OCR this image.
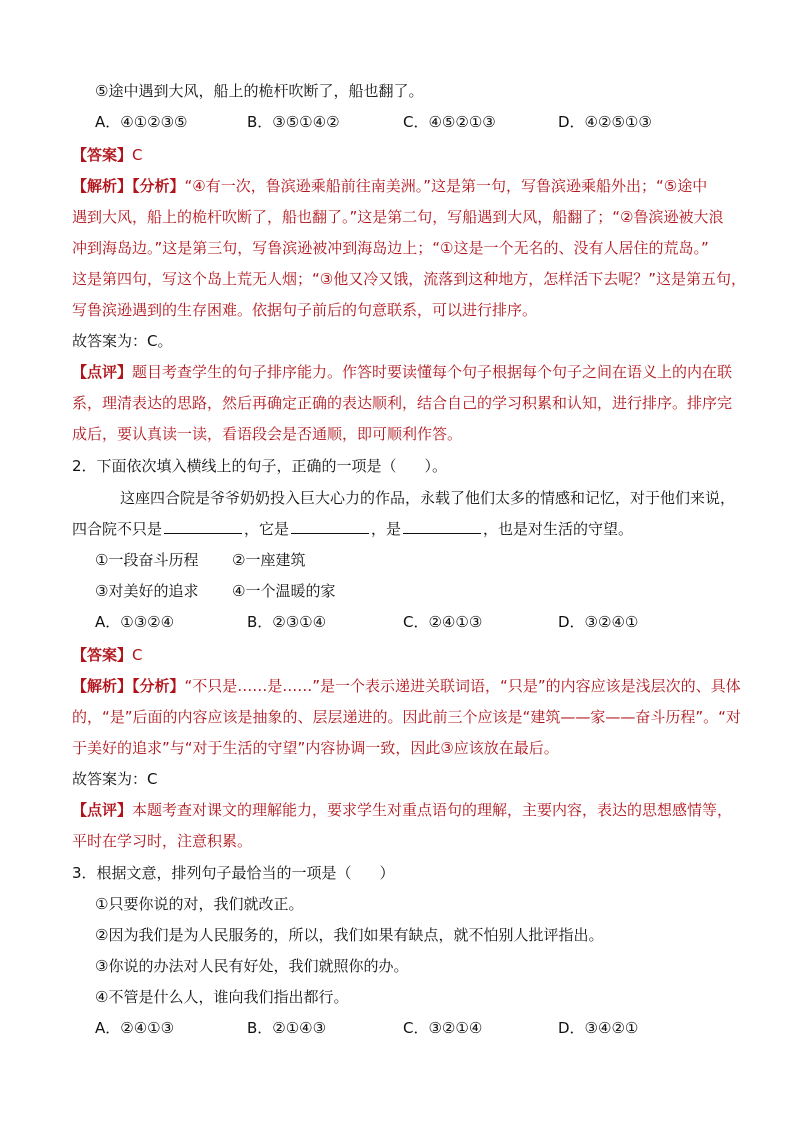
⑤途中遇到大风，船上的桅杆吹断了，船也翻了。
A．④①②③⑤	B．③⑤①④②	C．④⑤②①③	D．④②⑤①③
【答案】C
【解析】【分析】“④有一次，鲁滨逊乘船前往南美洲。”这是第一句，写鲁滨逊乘船外出；“⑤途中
遇到大风，船上的桅杆吹断了，船也翻了。”这是第二句，写船遇到大风，船翻了；“②鲁滨逊被大浪
冲到海岛边。”这是第三句，写鲁滨逊被冲到海岛边上；“①这是一个无名的、没有人居住的荒岛。”
这是第四句，写这个岛上荒无人烟；“③他又冷又饿，流落到这种地方，怎样活下去呢？”这是第五句，
写鲁滨逊遇到的生存困难。依据句子前后的句意联系，可以进行排序。
故答案为：C。
【点评】题目考查学生的句子排序能力。作答时要读懂每个句子根据每个句子之间在语义上的内在联
系，理清表达的思路，然后再确定正确的表达顺利，结合自己的学习积累和认知，进行排序。排序完
成后，要认真读一读，看语段会是否通顺，即可顺利作答。
2．下面依次填入横线上的句子，正确的一项是（ ）。
这座四合院是爷爷奶奶投入巨大心力的作品，永载了他们太多的情感和记忆，对于他们来说，
四合院不只是	，它是	，是	，也是对生活的守望。
①一段奋斗历程 ②一座建筑
③对美好的追求 ④一个温暖的家
A．①③②④	B．②③①④	C．②④①③	D．③②④①
【答案】C
【解析】【分析】“不只是……是……”是一个表示递进关联词语，“只是”的内容应该是浅层次的、具体
的，“是”后面的内容应该是抽象的、层层递进的。因此前三个应该是“建筑——家——奋斗历程”。“对
于美好的追求”与“对于生活的守望”内容协调一致，因此③应该放在最后。
故答案为：C
【点评】本题考查对课文的理解能力，要求学生对重点语句的理解，主要内容，表达的思想感情等，
平时在学习时，注意积累。
3．根据文意，排列句子最恰当的一项是（ ）
①只要你说的对，我们就改正。
②因为我们是为人民服务的，所以，我们如果有缺点，就不怕别人批评指出。
③你说的办法对人民有好处，我们就照你的办。
④不管是什么人，谁向我们指出都行。
A．②④①③	B．②①④③	C．③②①④	D．③④②①
